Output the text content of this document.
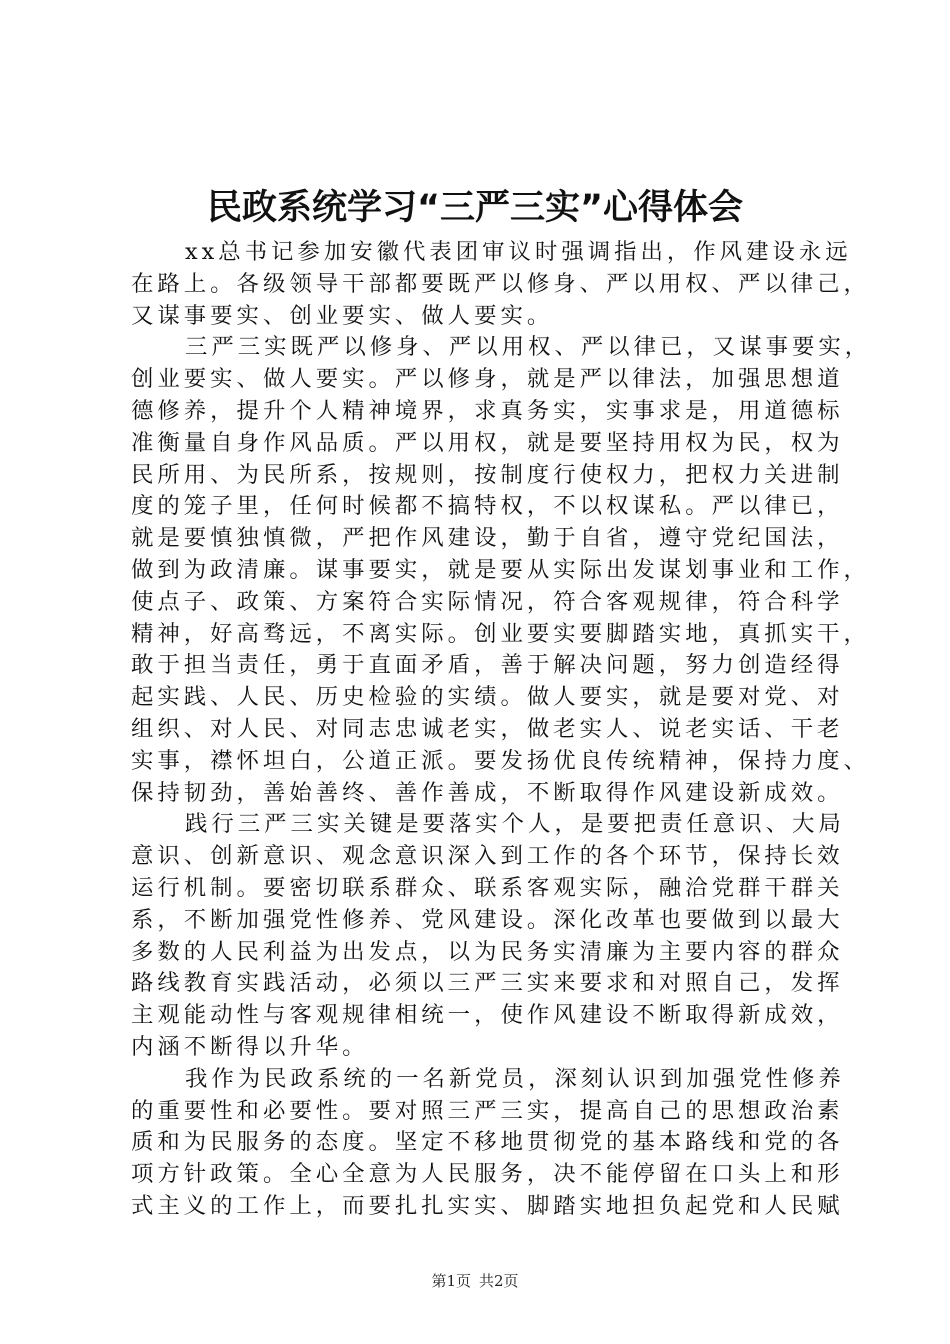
民政系统学习“三严三实”心得体会

xx总书记参加安徽代表团审议时强调指出，作风建设永远
在路上。各级领导干部都要既严以修身、严以用权、严以律己，
又谋事要实、创业要实、做人要实。

三严三实既严以修身、严以用权、严以律已，又谋事要实，
创业要实、做人要实。严以修身，就是严以律法，加强思想道
德修养，提升个人精神境界，求真务实，实事求是，用道德标
准衡量自身作风品质。严以用权，就是要坚持用权为民，权为
民所用、为民所系，按规则，按制度行使权力，把权力关进制
度的笼子里，任何时候都不搞特权，不以权谋私。严以律已，
就是要慎独慎微，严把作风建设，勤于自省，遵守党纪国法，
做到为政清廉。谋事要实，就是要从实际出发谋划事业和工作，
使点子、政策、方案符合实际情况，符合客观规律，符合科学
精神，好高骛远，不离实际。创业要实要脚踏实地，真抓实干，
敢于担当责任，勇于直面矛盾，善于解决问题，努力创造经得
起实践、人民、历史检验的实绩。做人要实，就是要对党、对
组织、对人民、对同志忠诚老实，做老实人、说老实话、干老
实事，襟怀坦白，公道正派。要发扬优良传统精神，保持力度、
保持韧劲，善始善终、善作善成，不断取得作风建设新成效。

践行三严三实关键是要落实个人，是要把责任意识、大局
意识、创新意识、观念意识深入到工作的各个环节，保持长效
运行机制。要密切联系群众、联系客观实际，融洽党群干群关
系，不断加强党性修养、党风建设。深化改革也要做到以最大
多数的人民利益为出发点，以为民务实清廉为主要内容的群众
路线教育实践活动，必须以三严三实来要求和对照自己，发挥
主观能动性与客观规律相统一，使作风建设不断取得新成效，
内涵不断得以升华。

我作为民政系统的一名新党员，深刻认识到加强党性修养
的重要性和必要性。要对照三严三实，提高自己的思想政治素
质和为民服务的态度。坚定不移地贯彻党的基本路线和党的各
项方针政策。全心全意为人民服务，决不能停留在口头上和形
式主义的工作上，而要扎扎实实、脚踏实地担负起党和人民赋

第1页 共2页
